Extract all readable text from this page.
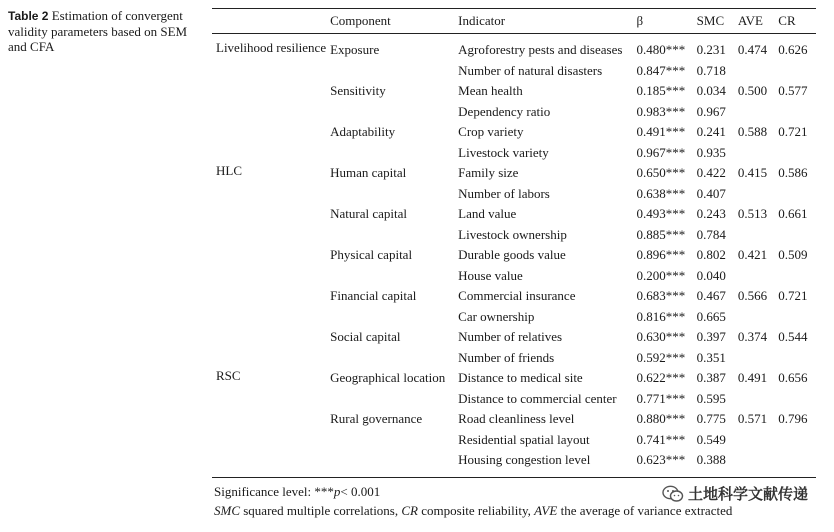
Table 2 Estimation of convergent validity parameters based on SEM and CFA
	Component	Indicator	β	SMC	AVE	CR
Livelihood resilience	Exposure	Agroforestry pests and diseases	0.480***	0.231	0.474	0.626
		Number of natural disasters	0.847***	0.718		
	Sensitivity	Mean health	0.185***	0.034	0.500	0.577
		Dependency ratio	0.983***	0.967		
	Adaptability	Crop variety	0.491***	0.241	0.588	0.721
		Livestock variety	0.967***	0.935		
HLC	Human capital	Family size	0.650***	0.422	0.415	0.586
		Number of labors	0.638***	0.407		
	Natural capital	Land value	0.493***	0.243	0.513	0.661
		Livestock ownership	0.885***	0.784		
	Physical capital	Durable goods value	0.896***	0.802	0.421	0.509
		House value	0.200***	0.040		
	Financial capital	Commercial insurance	0.683***	0.467	0.566	0.721
		Car ownership	0.816***	0.665		
	Social capital	Number of relatives	0.630***	0.397	0.374	0.544
		Number of friends	0.592***	0.351		
RSC	Geographical location	Distance to medical site	0.622***	0.387	0.491	0.656
		Distance to commercial center	0.771***	0.595		
	Rural governance	Road cleanliness level	0.880***	0.775	0.571	0.796
		Residential spatial layout	0.741***	0.549		
		Housing congestion level	0.623***	0.388		
Significance level: ***p< 0.001
SMC squared multiple correlations, CR composite reliability, AVE the average of variance extracted
土地科学文献传递
